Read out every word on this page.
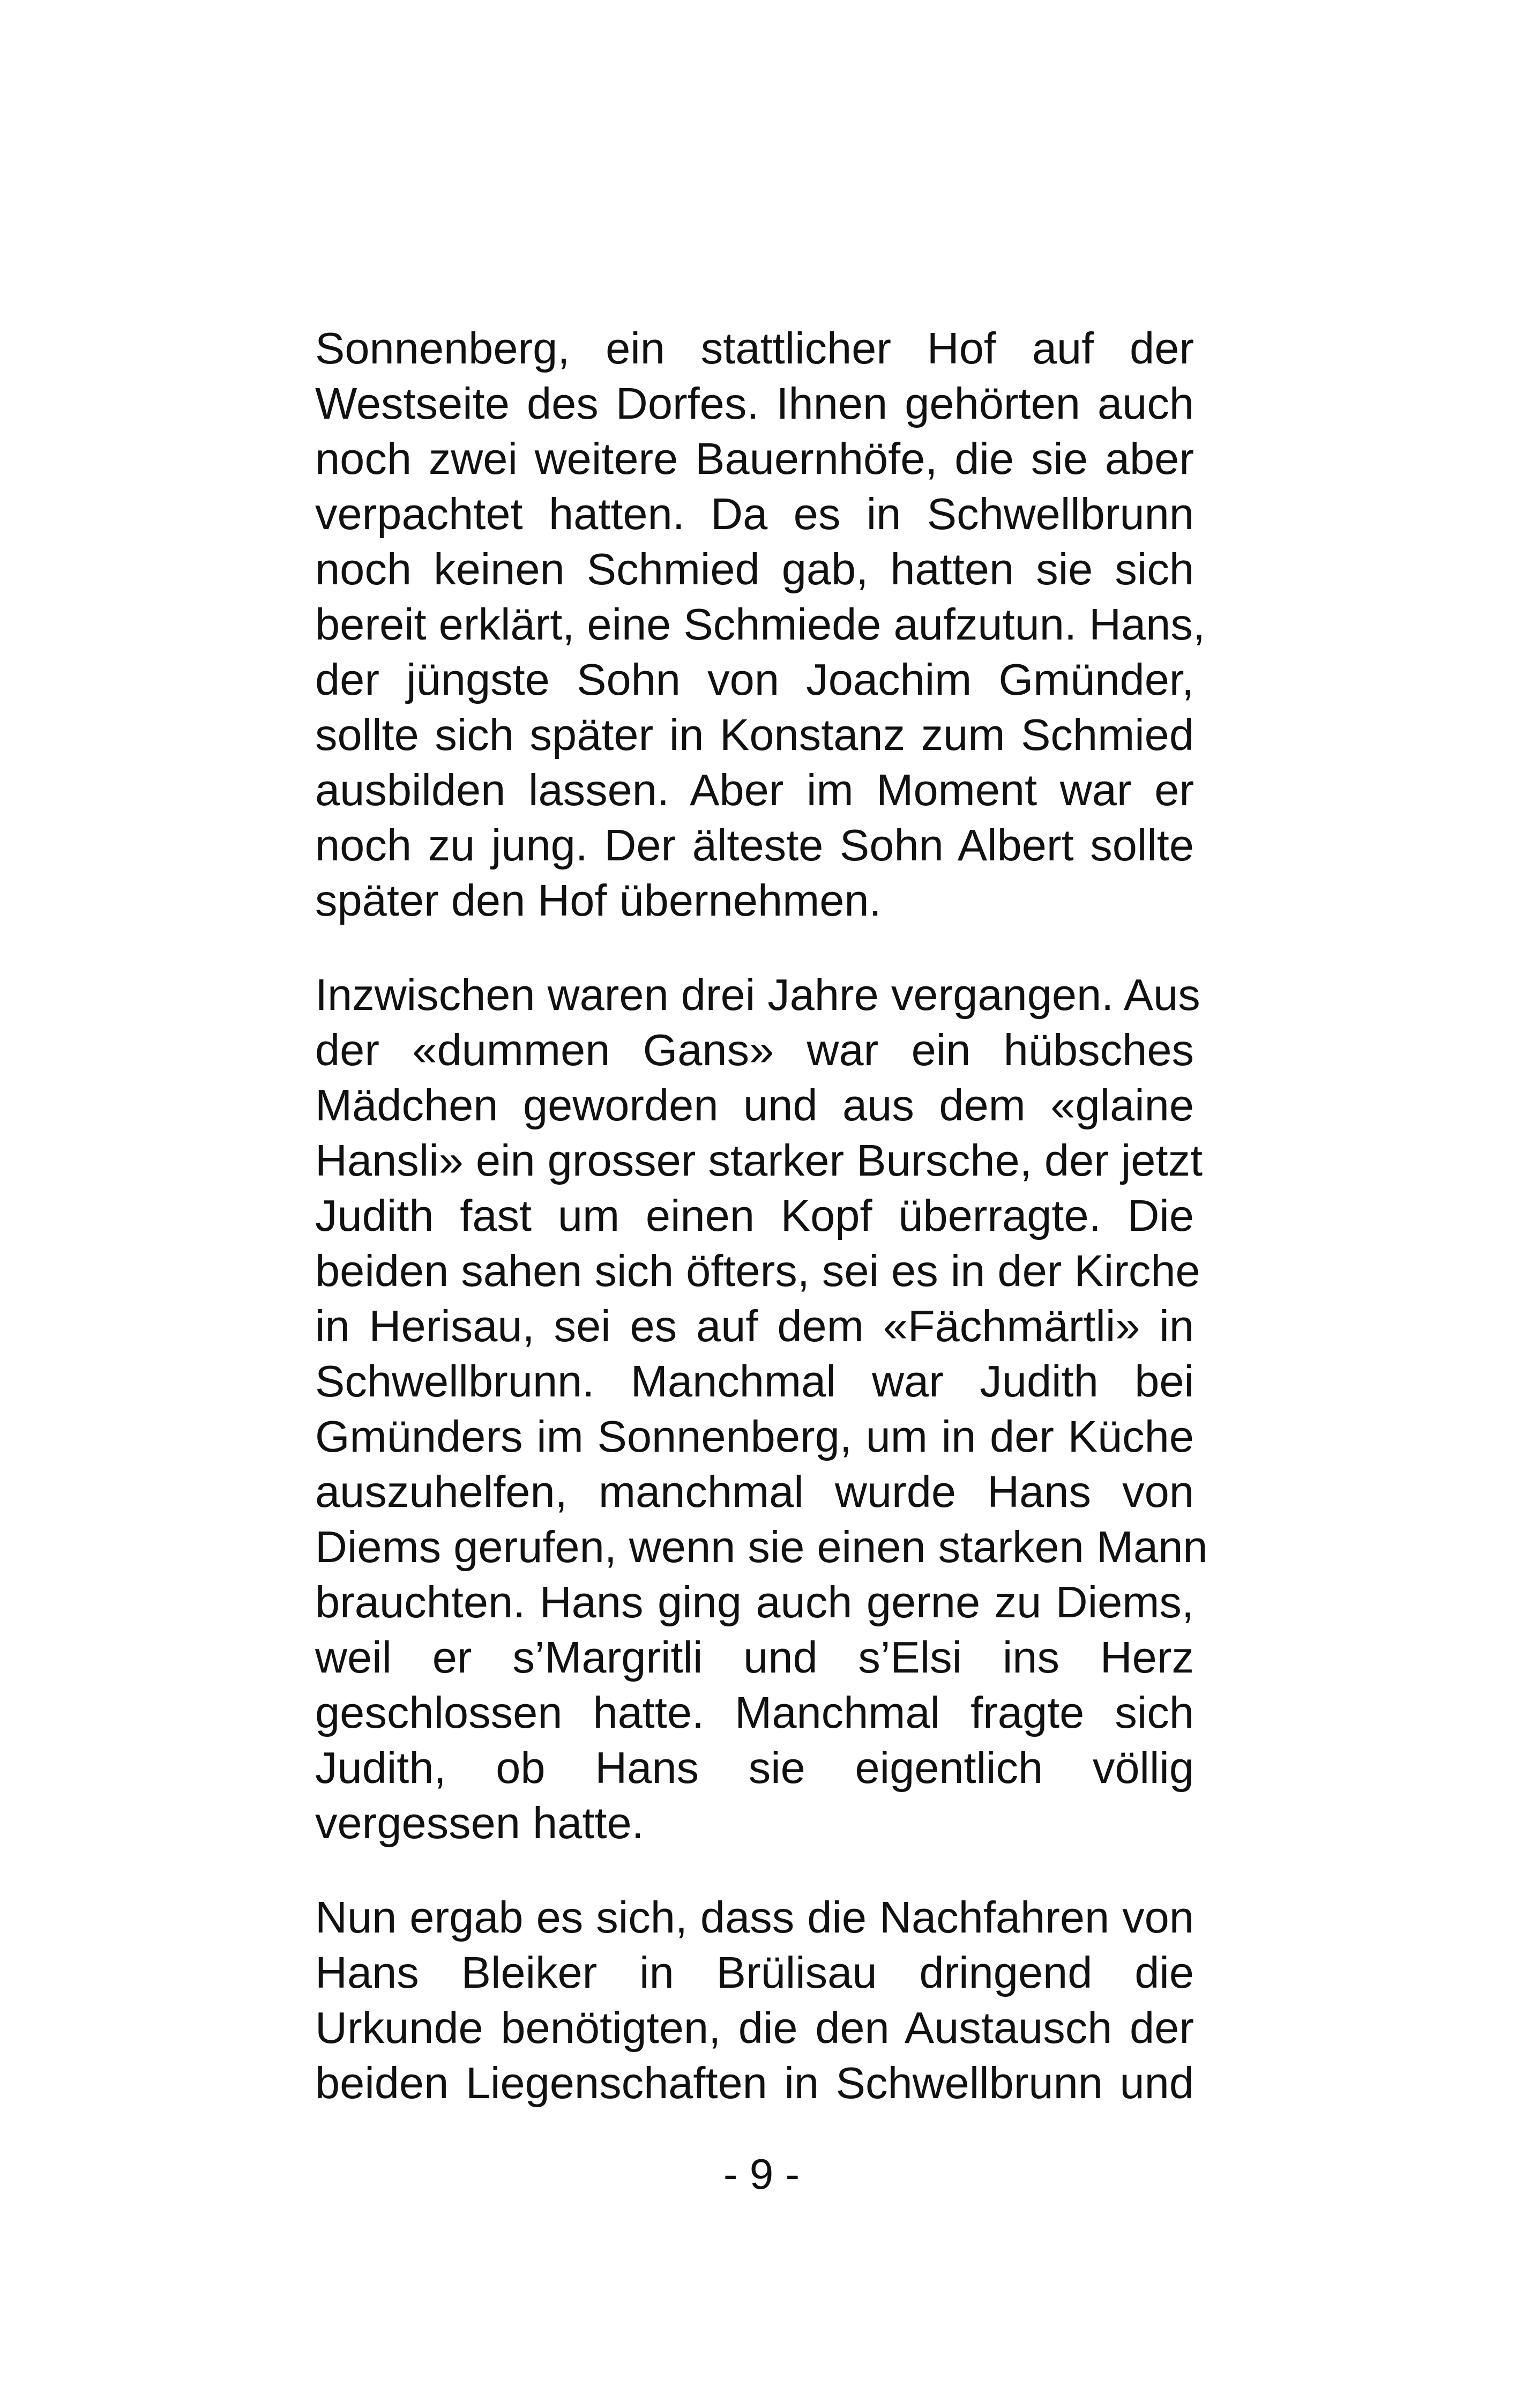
Sonnenberg, ein stattlicher Hof auf der
Westseite des Dorfes. Ihnen gehörten auch
noch zwei weitere Bauernhöfe, die sie aber
verpachtet hatten. Da es in Schwellbrunn
noch keinen Schmied gab, hatten sie sich
bereit erklärt, eine Schmiede aufzutun. Hans,
der jüngste Sohn von Joachim Gmünder,
sollte sich später in Konstanz zum Schmied
ausbilden lassen. Aber im Moment war er
noch zu jung. Der älteste Sohn Albert sollte
später den Hof übernehmen.
Inzwischen waren drei Jahre vergangen. Aus
der «dummen Gans» war ein hübsches
Mädchen geworden und aus dem «glaine
Hansli» ein grosser starker Bursche, der jetzt
Judith fast um einen Kopf überragte. Die
beiden sahen sich öfters, sei es in der Kirche
in Herisau, sei es auf dem «Fächmärtli» in
Schwellbrunn. Manchmal war Judith bei
Gmünders im Sonnenberg, um in der Küche
auszuhelfen, manchmal wurde Hans von
Diems gerufen, wenn sie einen starken Mann
brauchten. Hans ging auch gerne zu Diems,
weil er s’Margritli und s’Elsi ins Herz
geschlossen hatte. Manchmal fragte sich
Judith, ob Hans sie eigentlich völlig
vergessen hatte.
Nun ergab es sich, dass die Nachfahren von
Hans Bleiker in Brülisau dringend die
Urkunde benötigten, die den Austausch der
beiden Liegenschaften in Schwellbrunn und
- 9 -
